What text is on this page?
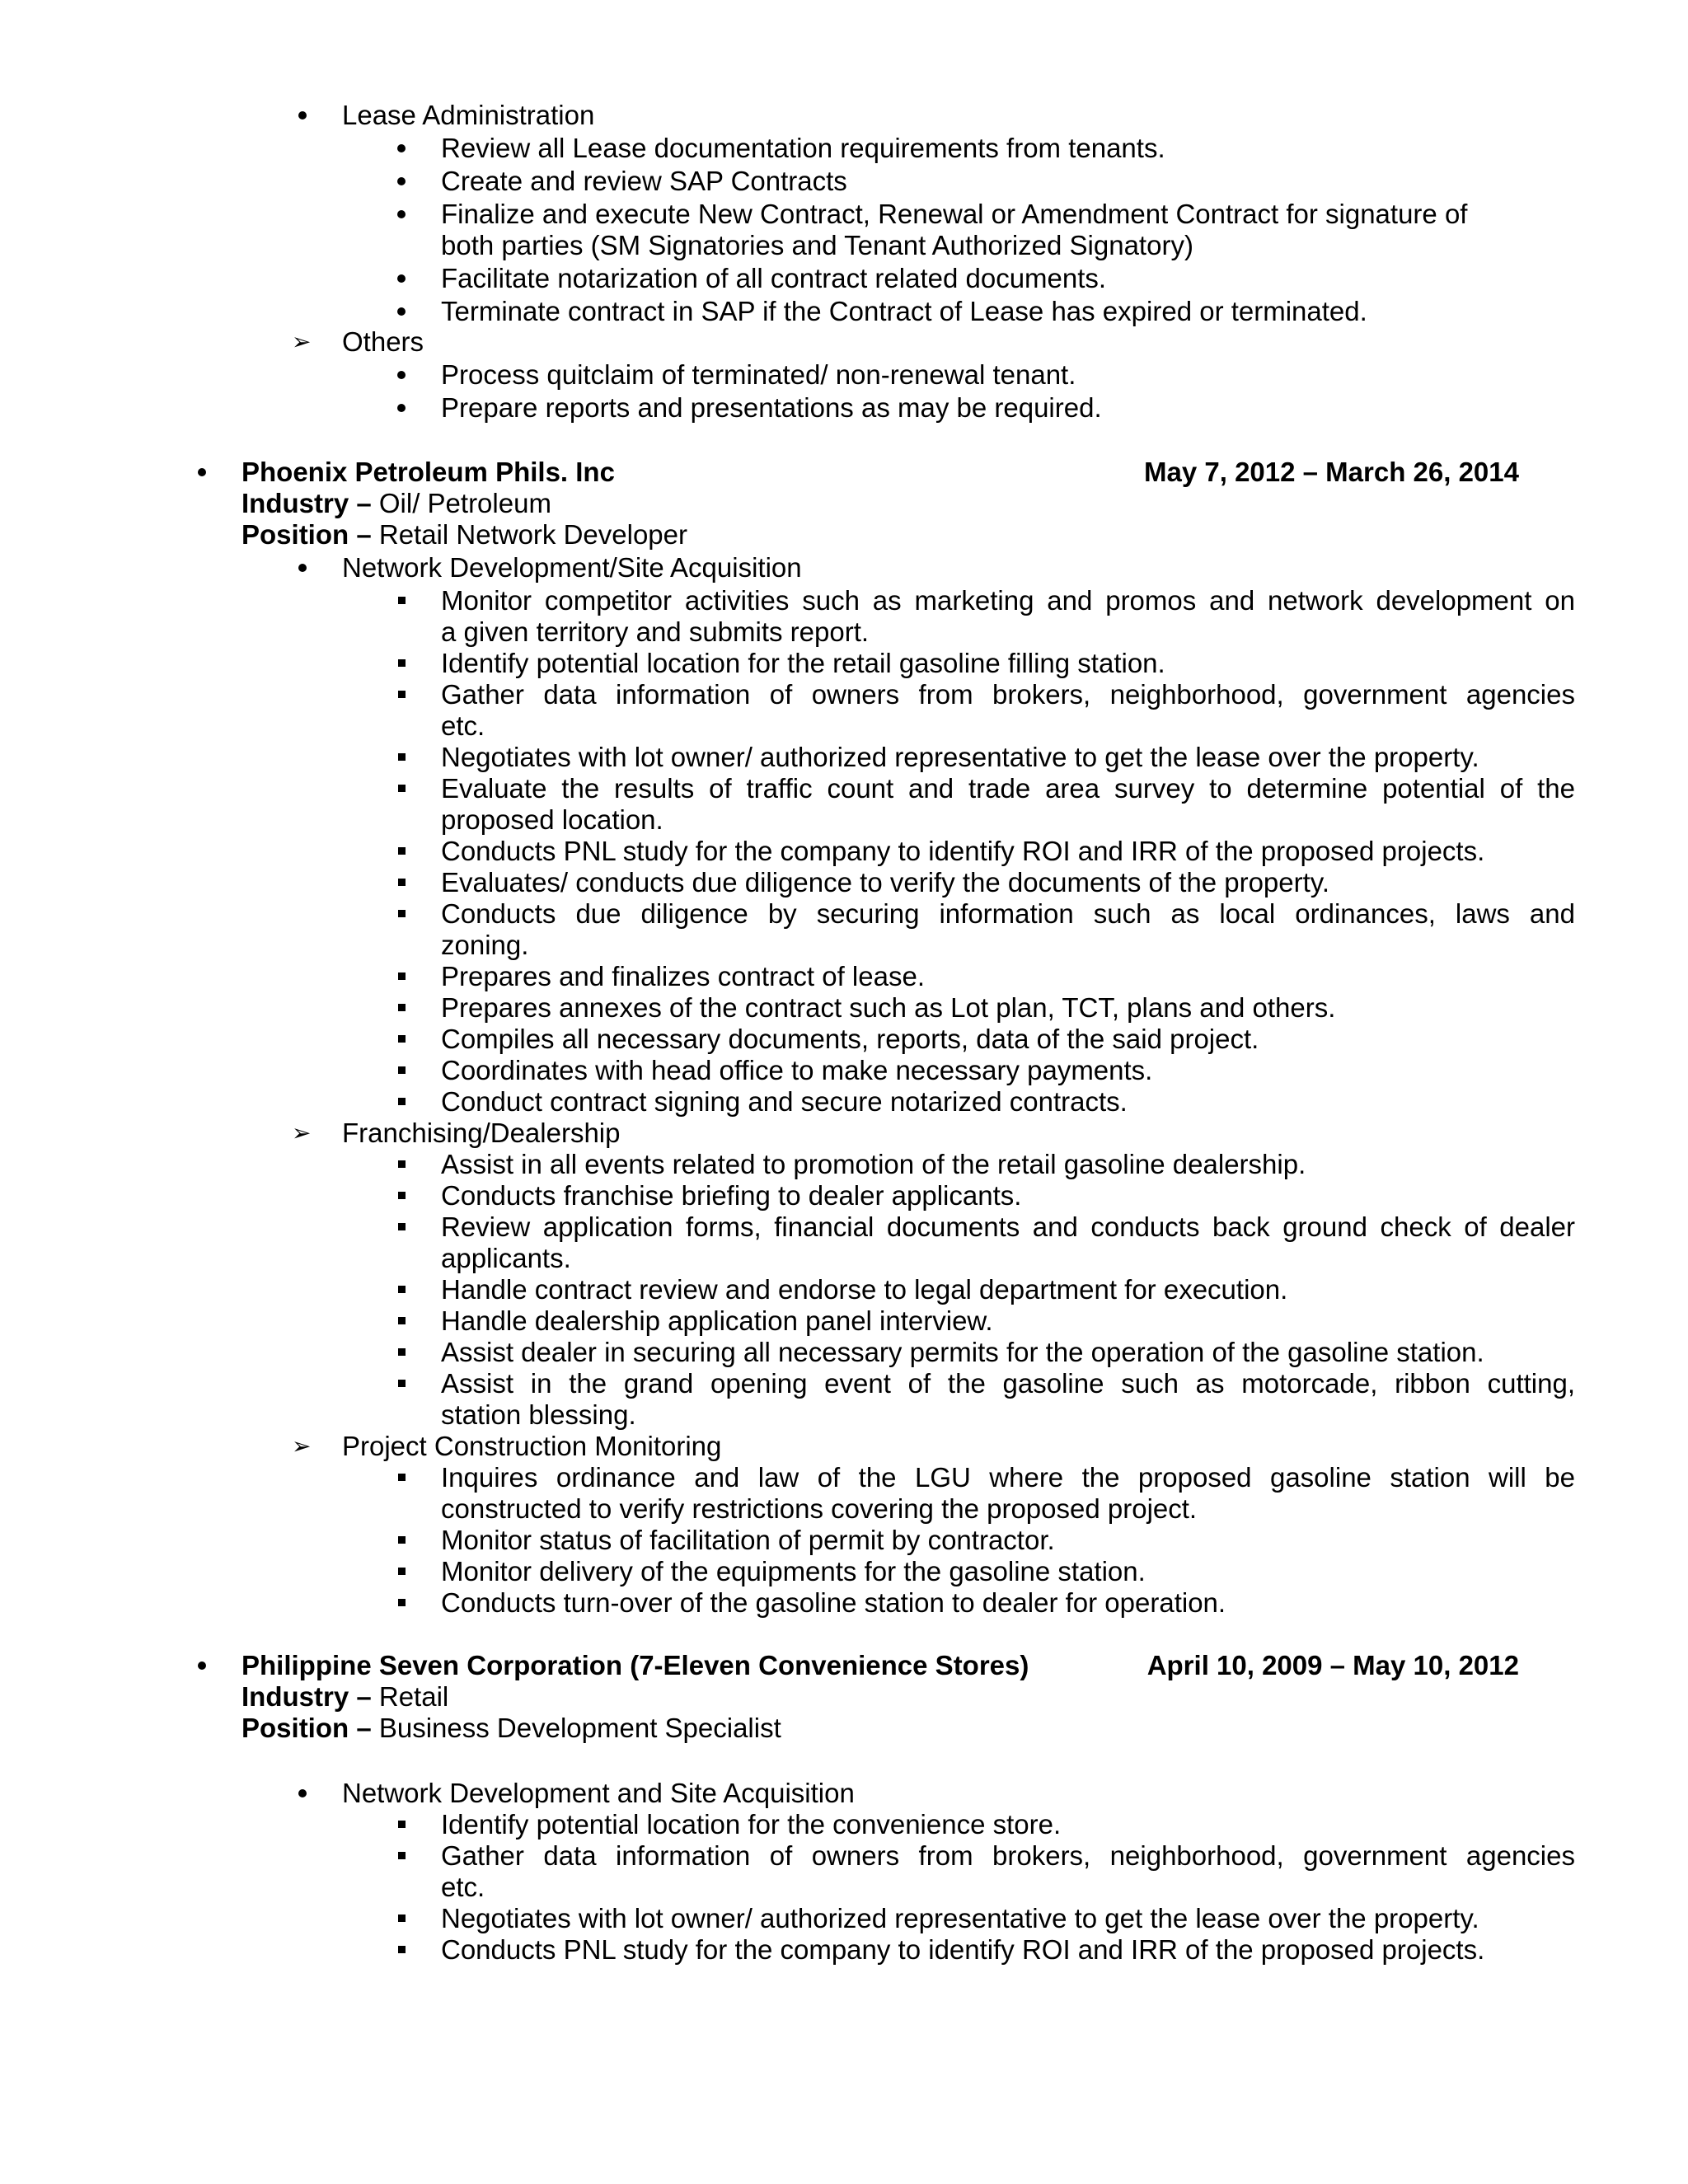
Lease Administration
Review all Lease documentation requirements from tenants.
Create and review SAP Contracts
Finalize and execute New Contract, Renewal or Amendment Contract for signature of
both parties (SM Signatories and Tenant Authorized Signatory)
Facilitate notarization of all contract related documents.
Terminate contract in SAP if the Contract of Lease has expired or terminated.
➢
Others
Process quitclaim of terminated/ non-renewal tenant.
Prepare reports and presentations as may be required.
Phoenix Petroleum Phils. Inc	May 7, 2012 – March 26, 2014
Industry – Oil/ Petroleum
Position – Retail Network Developer
Network Development/Site Acquisition
Monitor competitor activities such as marketing and promos and network development on
a given territory and submits report.
Identify potential location for the retail gasoline filling station.
Gather data information of owners from brokers, neighborhood, government agencies
etc.
Negotiates with lot owner/ authorized representative to get the lease over the property.
Evaluate the results of traffic count and trade area survey to determine potential of the
proposed location.
Conducts PNL study for the company to identify ROI and IRR of the proposed projects.
Evaluates/ conducts due diligence to verify the documents of the property.
Conducts due diligence by securing information such as local ordinances, laws and
zoning.
Prepares and finalizes contract of lease.
Prepares annexes of the contract such as Lot plan, TCT, plans and others.
Compiles all necessary documents, reports, data of the said project.
Coordinates with head office to make necessary payments.
Conduct contract signing and secure notarized contracts.
➢
Franchising/Dealership
Assist in all events related to promotion of the retail gasoline dealership.
Conducts franchise briefing to dealer applicants.
Review application forms, financial documents and conducts back ground check of dealer
applicants.
Handle contract review and endorse to legal department for execution.
Handle dealership application panel interview.
Assist dealer in securing all necessary permits for the operation of the gasoline station.
Assist in the grand opening event of the gasoline such as motorcade, ribbon cutting,
station blessing.
➢
Project Construction Monitoring
Inquires ordinance and law of the LGU where the proposed gasoline station will be
constructed to verify restrictions covering the proposed project.
Monitor status of facilitation of permit by contractor.
Monitor delivery of the equipments for the gasoline station.
Conducts turn-over of the gasoline station to dealer for operation.
Philippine Seven Corporation (7-Eleven Convenience Stores)	April 10, 2009 – May 10, 2012
Industry – Retail
Position – Business Development Specialist
Network Development and Site Acquisition
Identify potential location for the convenience store.
Gather data information of owners from brokers, neighborhood, government agencies
etc.
Negotiates with lot owner/ authorized representative to get the lease over the property.
Conducts PNL study for the company to identify ROI and IRR of the proposed projects.
